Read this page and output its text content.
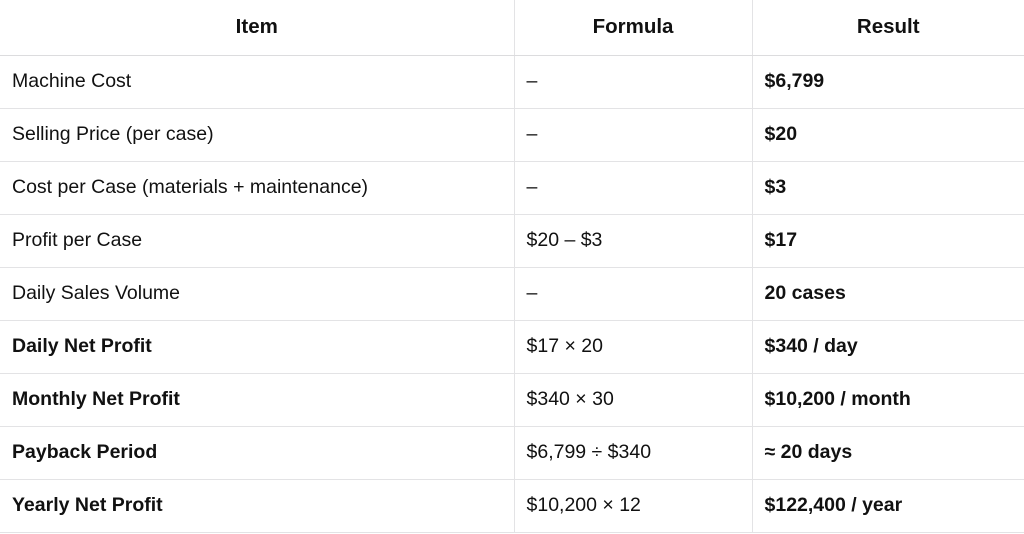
Item	Formula	Result
Machine Cost	–	$6,799
Selling Price (per case)	–	$20
Cost per Case (materials + maintenance)	–	$3
Profit per Case	$20 – $3	$17
Daily Sales Volume	–	20 cases
Daily Net Profit	$17 × 20	$340 / day
Monthly Net Profit	$340 × 30	$10,200 / month
Payback Period	$6,799 ÷ $340	≈ 20 days
Yearly Net Profit	$10,200 × 12	$122,400 / year
